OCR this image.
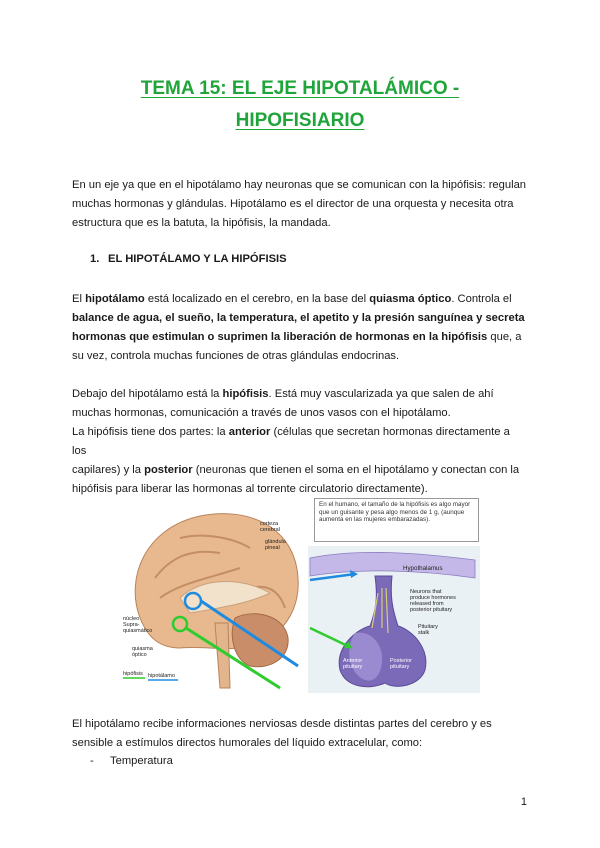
TEMA 15: EL EJE HIPOTALÁMICO -
HIPOFISIARIO
En un eje ya que en el hipotálamo hay neuronas que se comunican con la hipófisis: regulan
muchas hormonas y glándulas. Hipotálamo es el director de una orquesta y necesita otra
estructura que es la batuta, la hipófisis, la mandada.
1. EL HIPOTÁLAMO Y LA HIPÓFISIS
El hipotálamo está localizado en el cerebro, en la base del quiasma óptico. Controla el
balance de agua, el sueño, la temperatura, el apetito y la presión sanguínea y secreta
hormonas que estimulan o suprimen la liberación de hormonas en la hipófisis que, a
su vez, controla muchas funciones de otras glándulas endocrinas.
Debajo del hipotálamo está la hipófisis. Está muy vascularizada ya que salen de ahí
muchas hormonas, comunicación a través de unos vasos con el hipotálamo.
La hipófisis tiene dos partes: la anterior (células que secretan hormonas directamente a los
capilares) y la posterior (neuronas que tienen el soma en el hipotálamo y conectan con la
hipófisis para liberar las hormonas al torrente circulatorio directamente).
corteza
cerebral
glándula
pineal
núcleo
Supra-
quiasmático
quiasma
óptico
hipófisis hipotálamo
Hypothalamus
Neurons that
produce hormones
released from
posterior pituitary
Pituitary
stalk
Anterior
pituitary
Posterior
pituitary
En el humano, el tamaño de la hipófisis es algo mayor que un guisante y pesa algo menos de 1 g, (aunque aumenta en las mujeres embarazadas).
El hipotálamo recibe informaciones nerviosas desde distintas partes del cerebro y es
sensible a estímulos directos humorales del líquido extracelular, como:
- Temperatura
1
